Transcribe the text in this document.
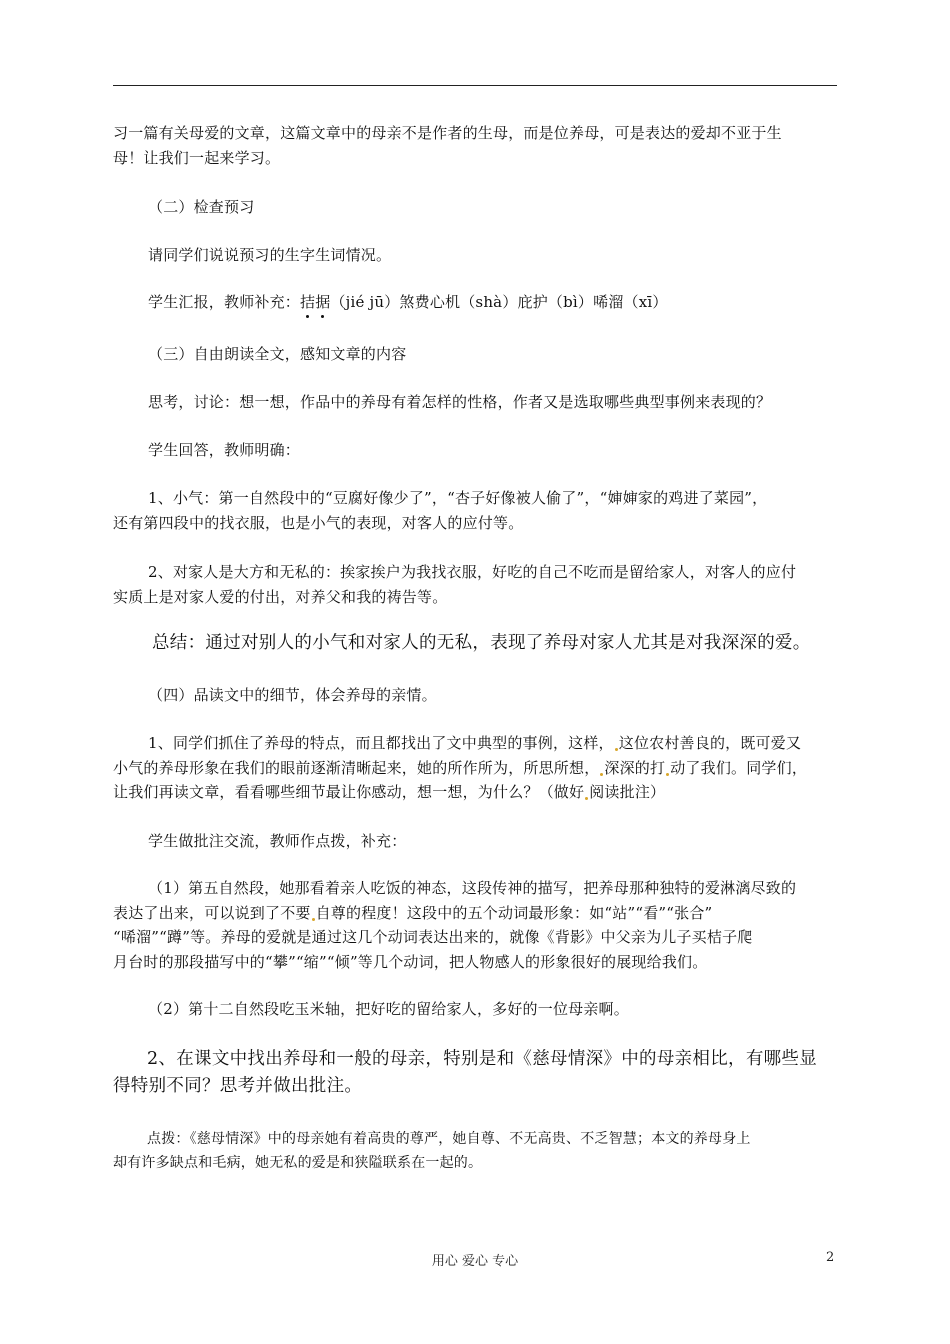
习一篇有关母爱的文章，这篇文章中的母亲不是作者的生母，而是位养母，可是表达的爱却不亚于生
母！让我们一起来学习。
（二）检查预习
请同学们说说预习的生字生词情况。
学生汇报，教师补充：拮
据
（jié jū）煞费心机（shà）庇护（bì）唏溜（xī）
（三）自由朗读全文，感知文章的内容
思考，讨论：想一想，作品中的养母有着怎样的性格，作者又是选取哪些典型事例来表现的？
学生回答，教师明确：
1、小气：第一自然段中的“豆腐好像少了”，“杏子好像被人偷了”，“婶婶家的鸡进了菜园”，
还有第四段中的找衣服，也是小气的表现，对客人的应付等。
2、对家人是大方和无私的：挨家挨户为我找衣服，好吃的自己不吃而是留给家人，对客人的应付
实质上是对家人爱的付出，对养父和我的祷告等。
总结：通过对别人的小气和对家人的无私，表现了养母对家人尤其是对我深深的爱。
（四）品读文中的细节，体会养母的亲情。
1、同学们抓住了养母的特点，而且都找出了文中典型的事例，这样， 这位农村善良的，既可爱又
小气的养母形象在我们的眼前逐渐清晰起来，她的所作所为，所思所想， 深深的打 动了我们。同学们，
让我们再读文章，看看哪些细节最让你感动，想一想，为什么？（做好 阅读批注）
学生做批注交流，教师作点拨，补充：
（1）第五自然段，她那看着亲人吃饭的神态，这段传神的描写，把养母那种独特的爱淋漓尽致的
表达了出来，可以说到了不要 自尊的程度！这段中的五个动词最形象：如“站”“看”“张合”
“唏溜”“蹲”等。养母的爱就是通过这几个动词表达出来的，就像《背影》中父亲为儿子买桔子爬
月台时的那段描写中的“攀”“缩”“倾”等几个动词，把人物感人的形象很好的展现给我们。
（2）第十二自然段吃玉米轴，把好吃的留给家人，多好的一位母亲啊。
2、在课文中找出养母和一般的母亲，特别是和《慈母情深》中的母亲相比，有哪些显
得特别不同？思考并做出批注。
点拨：《慈母情深》中的母亲她有着高贵的尊严，她自尊、不无高贵、不乏智慧；本文的养母身上
却有许多缺点和毛病，她无私的爱是和狭隘联系在一起的。
用心 爱心 专心	2
